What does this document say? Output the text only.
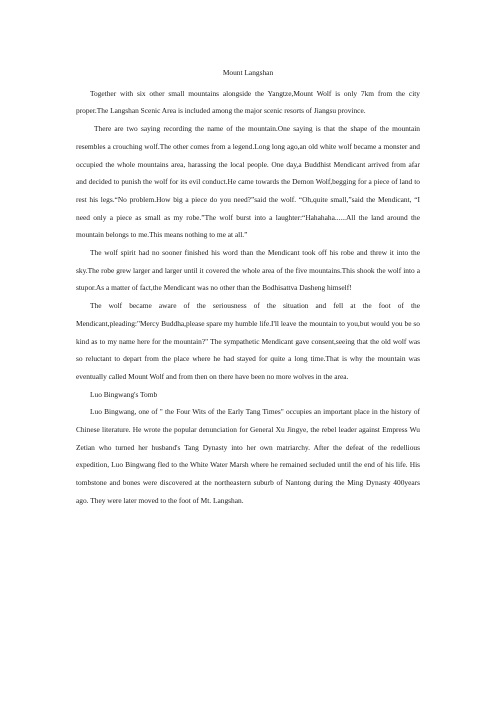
Mount Langshan

Together with six other small mountains alongside the Yangtze,Mount Wolf is only 7km from the city proper.The Langshan Scenic Area is included among the major scenic resorts of Jiangsu province.

There are two saying recording the name of the mountain.One saying is that the shape of the mountain resembles a crouching wolf.The other comes from a legend.Long long ago,an old white wolf became a monster and occupied the whole mountains area, harassing the local people. One day,a Buddhist Mendicant arrived from afar and decided to punish the wolf for its evil conduct.He came towards the Demon Wolf,begging for a piece of land to rest his legs.“No problem.How big a piece do you need?”said the wolf. “Oh,quite small,”said the Mendicant, “I need only a piece as small as my robe.”The wolf burst into a laughter:“Hahahaha......All the land around the mountain belongs to me.This means nothing to me at all.”

The wolf spirit had no sooner finished his word than the Mendicant took off his robe and threw it into the sky.The robe grew larger and larger until it covered the whole area of the five mountains.This shook the wolf into a stupor.As a matter of fact,the Mendicant was no other than the Bodhisattva Dasheng himself!

The wolf became aware of the seriousness of the situation and fell at the foot of the Mendicant,pleading:"Mercy Buddha,please spare my humble life.I'll leave the mountain to you,but would you be so kind as to my name here for the mountain?" The sympathetic Mendicant gave consent,seeing that the old wolf was so reluctant to depart from the place where he had stayed for quite a long time.That is why the mountain was eventually called Mount Wolf and from then on there have been no more wolves in the area.

Luo Bingwang's Tomb

Luo Bingwang, one of " the Four Wits of the Early Tang Times" occupies an important place in the history of Chinese literature. He wrote the popular denunciation for General Xu Jingye, the rebel leader against Empress Wu Zetian who turned her husband's Tang Dynasty into her own matriarchy. After the defeat of the redellious expedition, Luo Bingwang fled to the White Water Marsh where he remained secluded until the end of his life. His tombstone and bones were discovered at the northeastern suburb of Nantong during the Ming Dynasty 400years ago. They were later moved to the foot of Mt. Langshan.
